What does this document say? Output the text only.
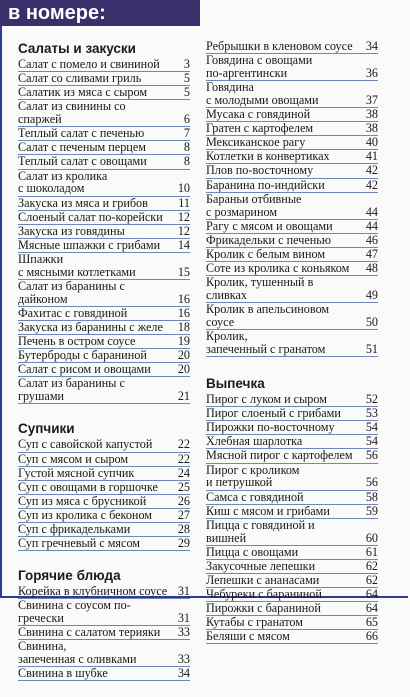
в номере:
Салаты и закуски
Салат с помело и свининой	3
Салат со сливами гриль	5
Салатик из мяса с сыром	5
Салат из свинины со спаржей	6
Теплый салат с печенью	7
Салат с печеным перцем	8
Теплый салат с овощами	8
Салат из кролика
с шоколадом	10
Закуска из мяса и грибов	11
Слоеный салат по-корейски	12
Закуска из говядины	12
Мясные шпажки с грибами	14
Шпажки
с мясными котлетками	15
Салат из баранины с дайконом	16
Фахитас с говядиной	16
Закуска из баранины с желе	18
Печень в остром соусе	19
Бутерброды с бараниной	20
Салат с рисом и овощами	20
Салат из баранины с грушами	21
Супчики
Суп с савойской капустой	22
Суп с мясом и сыром	22
Густой мясной супчик	24
Суп с овощами в горшочке	25
Суп из мяса с брусникой	26
Суп из кролика с беконом	27
Суп с фрикадельками	28
Суп гречневый с мясом	29
Горячие блюда
Корейка в клубничном соусе 31
Свинина с соусом по-гречески	31
Свинина с салатом терияки	33
Свинина,
запеченная с оливками	33
Свинина в шубке	34
Ребрышки в кленовом соусе	34
Говядина с овощами
по-аргентински	36
Говядина
с молодыми овощами	37
Мусака с говядиной	38
Гратен с картофелем	38
Мексиканское рагу	40
Котлетки в конвертиках	41
Плов по-восточному	42
Баранина по-индийски	42
Бараньи отбивные
с розмарином	44
Рагу с мясом и овощами	44
Фрикадельки с печенью	46
Кролик с белым вином	47
Соте из кролика с коньяком	48
Кролик, тушенный в сливках	49
Кролик в апельсиновом соусе	50
Кролик,
запеченный с гранатом	51
Выпечка
Пирог с луком и сыром	52
Пирог слоеный с грибами	53
Пирожки по-восточному	54
Хлебная шарлотка	54
Мясной пирог с картофелем	56
Пирог с кроликом
и петрушкой	56
Самса с говядиной	58
Киш с мясом и грибами	59
Пицца с говядиной и вишней	60
Пицца с овощами	61
Закусочные лепешки	62
Лепешки с ананасами	62
Чебуреки с бараниной	64
Пирожки с бараниной	64
Кутабы с гранатом	65
Беляши с мясом	66
